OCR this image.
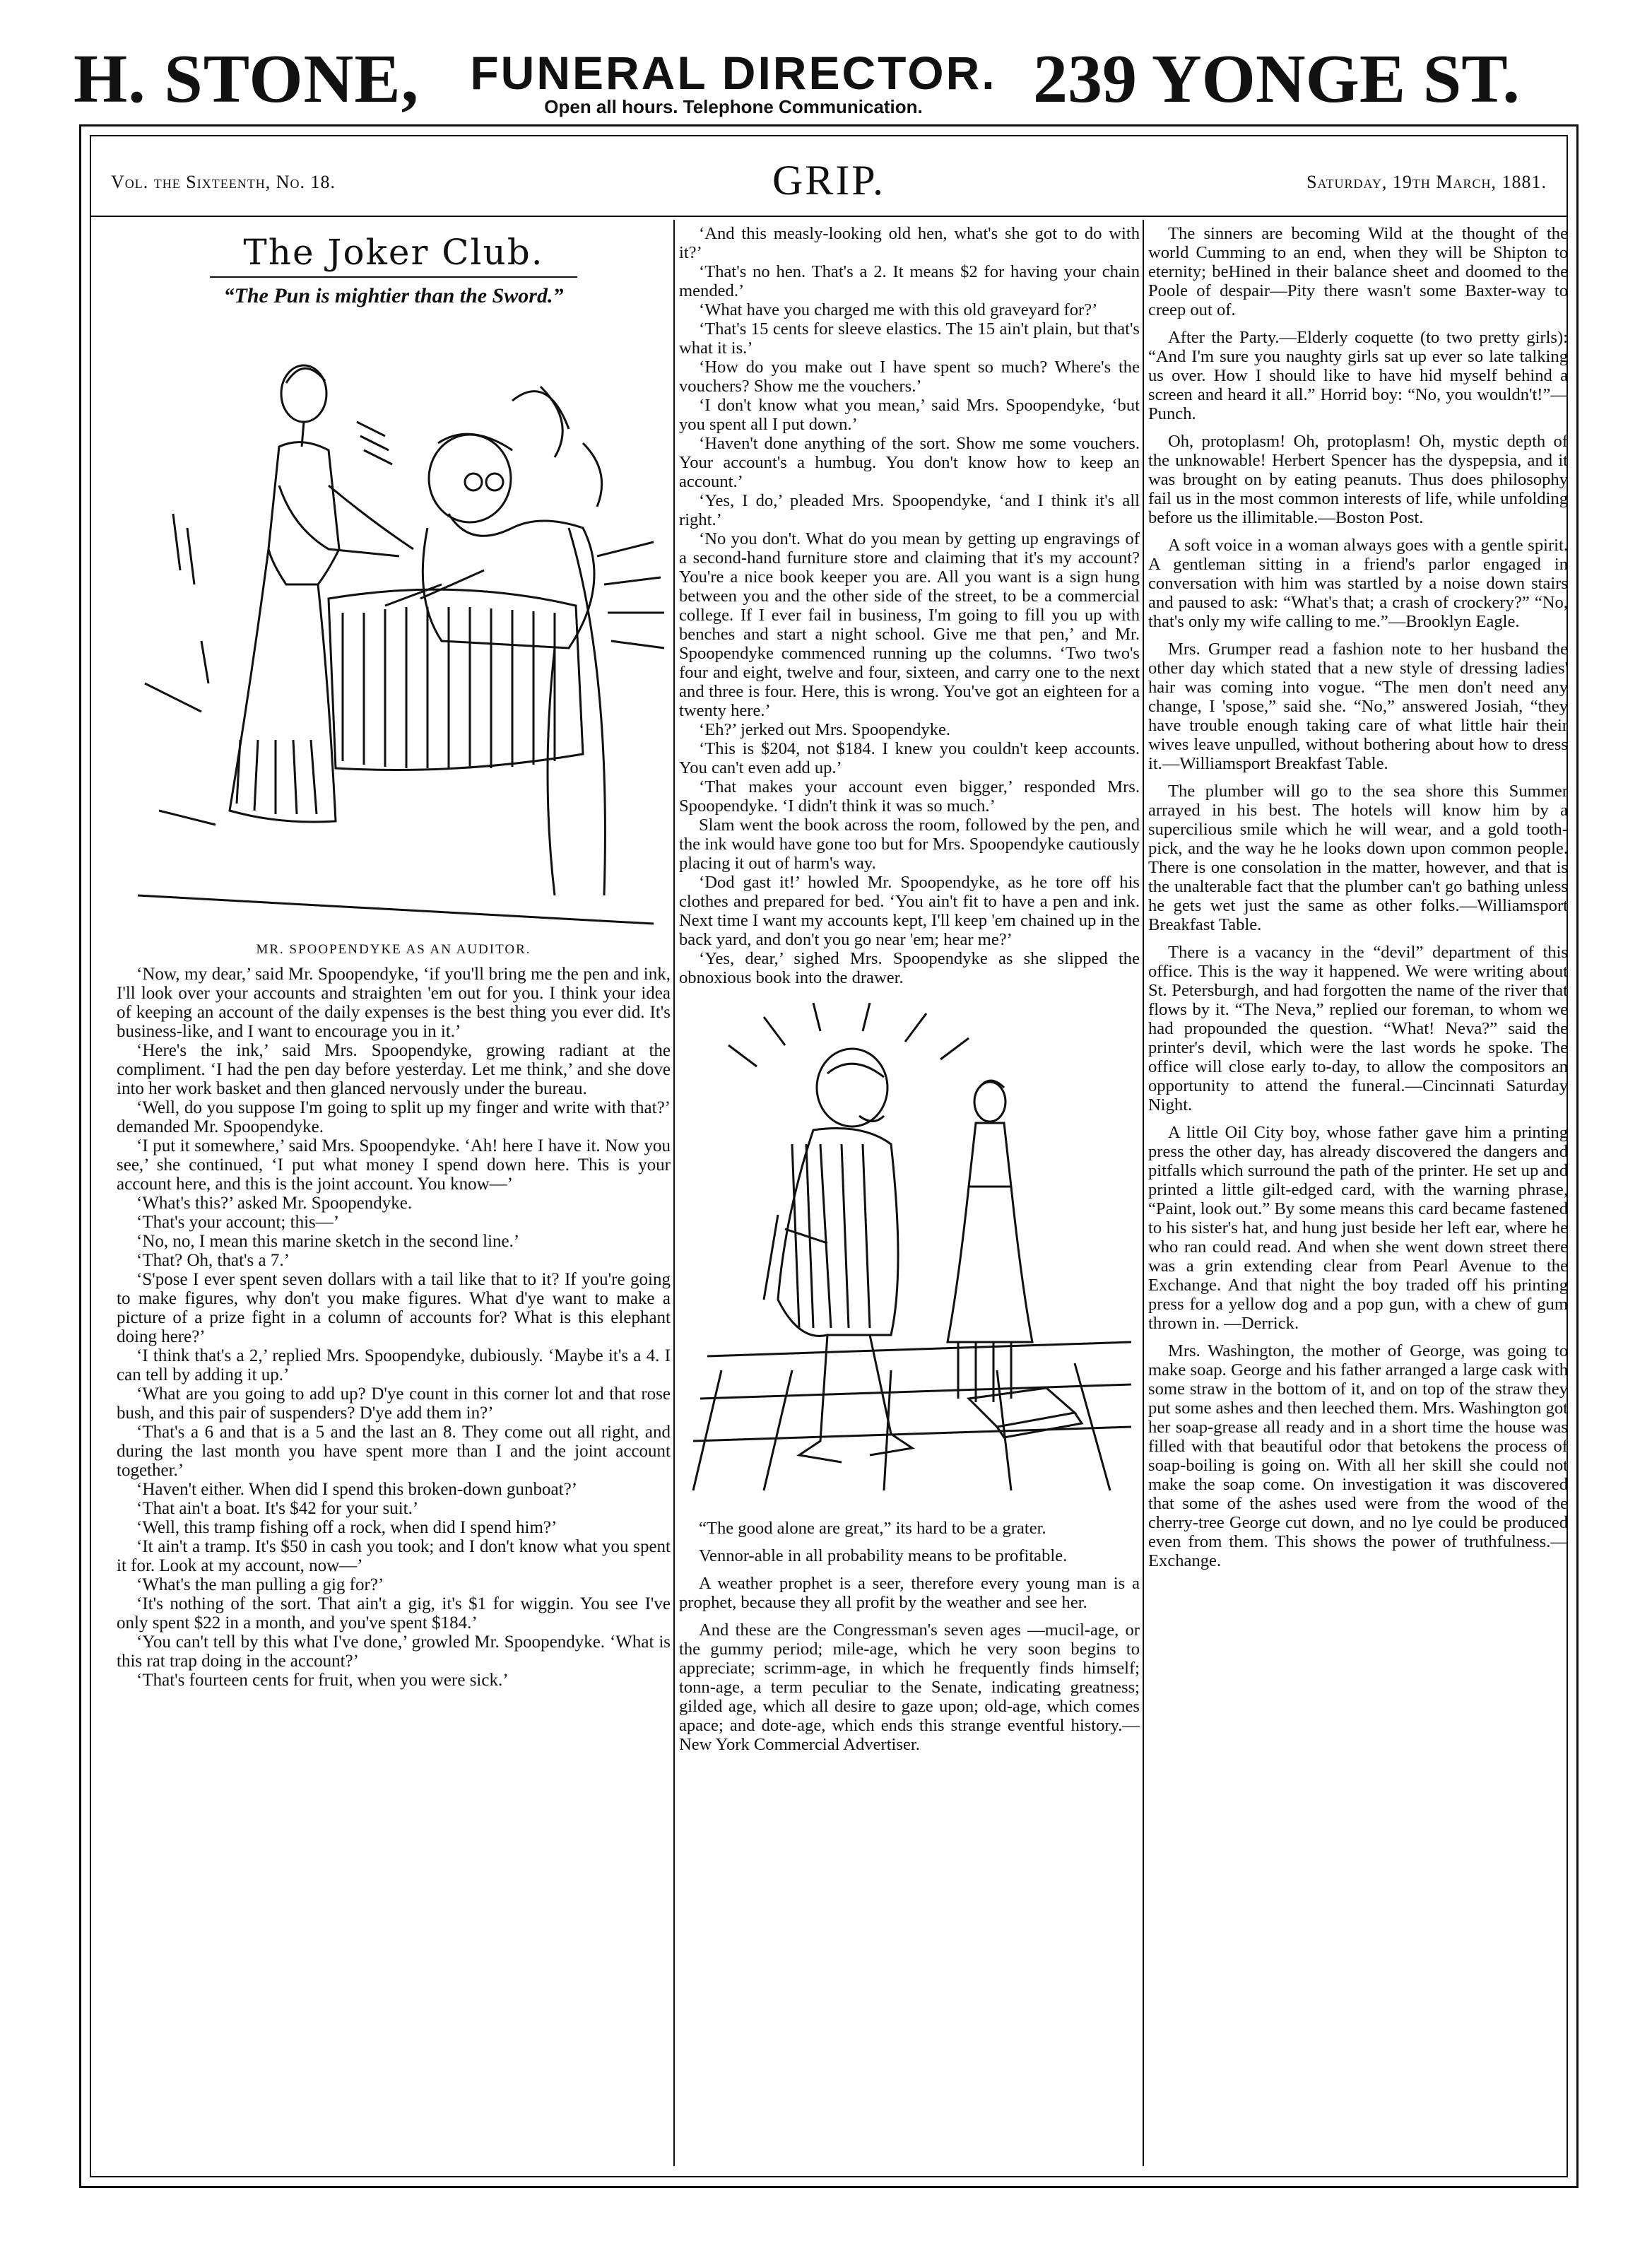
H. STONE, FUNERAL DIRECTOR.
Open all hours. Telephone Communication.	239 YONGE ST.
Vol. the Sixteenth, No. 18.	GRIP.	Saturday, 19th March, 1881.
The Joker Club.
“The Pun is mightier than the Sword.”
MR. SPOOPENDYKE AS AN AUDITOR.

‘Now, my dear,’ said Mr. Spoopendyke, ‘if you'll bring me the pen and ink, I'll look over your accounts and straighten 'em out for you. I think your idea of keeping an account of the daily expenses is the best thing you ever did. It's business-like, and I want to encourage you in it.’

‘Here's the ink,’ said Mrs. Spoopendyke, growing radiant at the compliment. ‘I had the pen day before yesterday. Let me think,’ and she dove into her work basket and then glanced nervously under the bureau.

‘Well, do you suppose I'm going to split up my finger and write with that?’ demanded Mr. Spoopendyke.

‘I put it somewhere,’ said Mrs. Spoopendyke. ‘Ah! here I have it. Now you see,’ she continued, ‘I put what money I spend down here. This is your account here, and this is the joint account. You know—’

‘What's this?’ asked Mr. Spoopendyke.

‘That's your account; this—’

‘No, no, I mean this marine sketch in the second line.’

‘That? Oh, that's a 7.’

‘S'pose I ever spent seven dollars with a tail like that to it? If you're going to make figures, why don't you make figures. What d'ye want to make a picture of a prize fight in a column of accounts for? What is this elephant doing here?’

‘I think that's a 2,’ replied Mrs. Spoopendyke, dubiously. ‘Maybe it's a 4. I can tell by adding it up.’

‘What are you going to add up? D'ye count in this corner lot and that rose bush, and this pair of suspenders? D'ye add them in?’

‘That's a 6 and that is a 5 and the last an 8. They come out all right, and during the last month you have spent more than I and the joint account together.’

‘Haven't either. When did I spend this broken-down gunboat?’

‘That ain't a boat. It's $42 for your suit.’

‘Well, this tramp fishing off a rock, when did I spend him?’

‘It ain't a tramp. It's $50 in cash you took; and I don't know what you spent it for. Look at my account, now—’

‘What's the man pulling a gig for?’

‘It's nothing of the sort. That ain't a gig, it's $1 for wiggin. You see I've only spent $22 in a month, and you've spent $184.’

‘You can't tell by this what I've done,’ growled Mr. Spoopendyke. ‘What is this rat trap doing in the account?’

‘That's fourteen cents for fruit, when you were sick.’

‘And this measly-looking old hen, what's she got to do with it?’

‘That's no hen. That's a 2. It means $2 for having your chain mended.’

‘What have you charged me with this old graveyard for?’

‘That's 15 cents for sleeve elastics. The 15 ain't plain, but that's what it is.’

‘How do you make out I have spent so much? Where's the vouchers? Show me the vouchers.’

‘I don't know what you mean,’ said Mrs. Spoopendyke, ‘but you spent all I put down.’

‘Haven't done anything of the sort. Show me some vouchers. Your account's a humbug. You don't know how to keep an account.’

‘Yes, I do,’ pleaded Mrs. Spoopendyke, ‘and I think it's all right.’

‘No you don't. What do you mean by getting up engravings of a second-hand furniture store and claiming that it's my account? You're a nice book keeper you are. All you want is a sign hung between you and the other side of the street, to be a commercial college. If I ever fail in business, I'm going to fill you up with benches and start a night school. Give me that pen,’ and Mr. Spoopendyke commenced running up the columns. ‘Two two's four and eight, twelve and four, sixteen, and carry one to the next and three is four. Here, this is wrong. You've got an eighteen for a twenty here.’

‘Eh?’ jerked out Mrs. Spoopendyke.

‘This is $204, not $184. I knew you couldn't keep accounts. You can't even add up.’

‘That makes your account even bigger,’ responded Mrs. Spoopendyke. ‘I didn't think it was so much.’

Slam went the book across the room, followed by the pen, and the ink would have gone too but for Mrs. Spoopendyke cautiously placing it out of harm's way.

‘Dod gast it!’ howled Mr. Spoopendyke, as he tore off his clothes and prepared for bed. ‘You ain't fit to have a pen and ink. Next time I want my accounts kept, I'll keep 'em chained up in the back yard, and don't you go near 'em; hear me?’

‘Yes, dear,’ sighed Mrs. Spoopendyke as she slipped the obnoxious book into the drawer.

“The good alone are great,” its hard to be a grater.

Vennor-able in all probability means to be profitable.

A weather prophet is a seer, therefore every young man is a prophet, because they all profit by the weather and see her.

And these are the Congressman's seven ages —mucil-age, or the gummy period; mile-age, which he very soon begins to appreciate; scrimm-age, in which he frequently finds himself; tonn-age, a term peculiar to the Senate, indicating greatness; gilded age, which all desire to gaze upon; old-age, which comes apace; and dote-age, which ends this strange eventful history.—New York Commercial Advertiser.

The sinners are becoming Wild at the thought of the world Cumming to an end, when they will be Shipton to eternity; beHined in their balance sheet and doomed to the Poole of despair—Pity there wasn't some Baxter-way to creep out of.

After the Party.—Elderly coquette (to two pretty girls): “And I'm sure you naughty girls sat up ever so late talking us over. How I should like to have hid myself behind a screen and heard it all.” Horrid boy: “No, you wouldn't!”—Punch.

Oh, protoplasm! Oh, protoplasm! Oh, mystic depth of the unknowable! Herbert Spencer has the dyspepsia, and it was brought on by eating peanuts. Thus does philosophy fail us in the most common interests of life, while unfolding before us the illimitable.—Boston Post.

A soft voice in a woman always goes with a gentle spirit. A gentleman sitting in a friend's parlor engaged in conversation with him was startled by a noise down stairs and paused to ask: “What's that; a crash of crockery?” “No, that's only my wife calling to me.”—Brooklyn Eagle.

Mrs. Grumper read a fashion note to her husband the other day which stated that a new style of dressing ladies' hair was coming into vogue. “The men don't need any change, I 'spose,” said she. “No,” answered Josiah, “they have trouble enough taking care of what little hair their wives leave unpulled, without bothering about how to dress it.—Williamsport Breakfast Table.

The plumber will go to the sea shore this Summer arrayed in his best. The hotels will know him by a supercilious smile which he will wear, and a gold tooth-pick, and the way he he looks down upon common people. There is one consolation in the matter, however, and that is the unalterable fact that the plumber can't go bathing unless he gets wet just the same as other folks.—Williamsport Breakfast Table.

There is a vacancy in the “devil” department of this office. This is the way it happened. We were writing about St. Petersburgh, and had forgotten the name of the river that flows by it. “The Neva,” replied our foreman, to whom we had propounded the question. “What! Neva?” said the printer's devil, which were the last words he spoke. The office will close early to-day, to allow the compositors an opportunity to attend the funeral.—Cincinnati Saturday Night.

A little Oil City boy, whose father gave him a printing press the other day, has already discovered the dangers and pitfalls which surround the path of the printer. He set up and printed a little gilt-edged card, with the warning phrase, “Paint, look out.” By some means this card became fastened to his sister's hat, and hung just beside her left ear, where he who ran could read. And when she went down street there was a grin extending clear from Pearl Avenue to the Exchange. And that night the boy traded off his printing press for a yellow dog and a pop gun, with a chew of gum thrown in. —Derrick.

Mrs. Washington, the mother of George, was going to make soap. George and his father arranged a large cask with some straw in the bottom of it, and on top of the straw they put some ashes and then leeched them. Mrs. Washington got her soap-grease all ready and in a short time the house was filled with that beautiful odor that betokens the process of soap-boiling is going on. With all her skill she could not make the soap come. On investigation it was discovered that some of the ashes used were from the wood of the cherry-tree George cut down, and no lye could be produced even from them. This shows the power of truthfulness.—Exchange.
